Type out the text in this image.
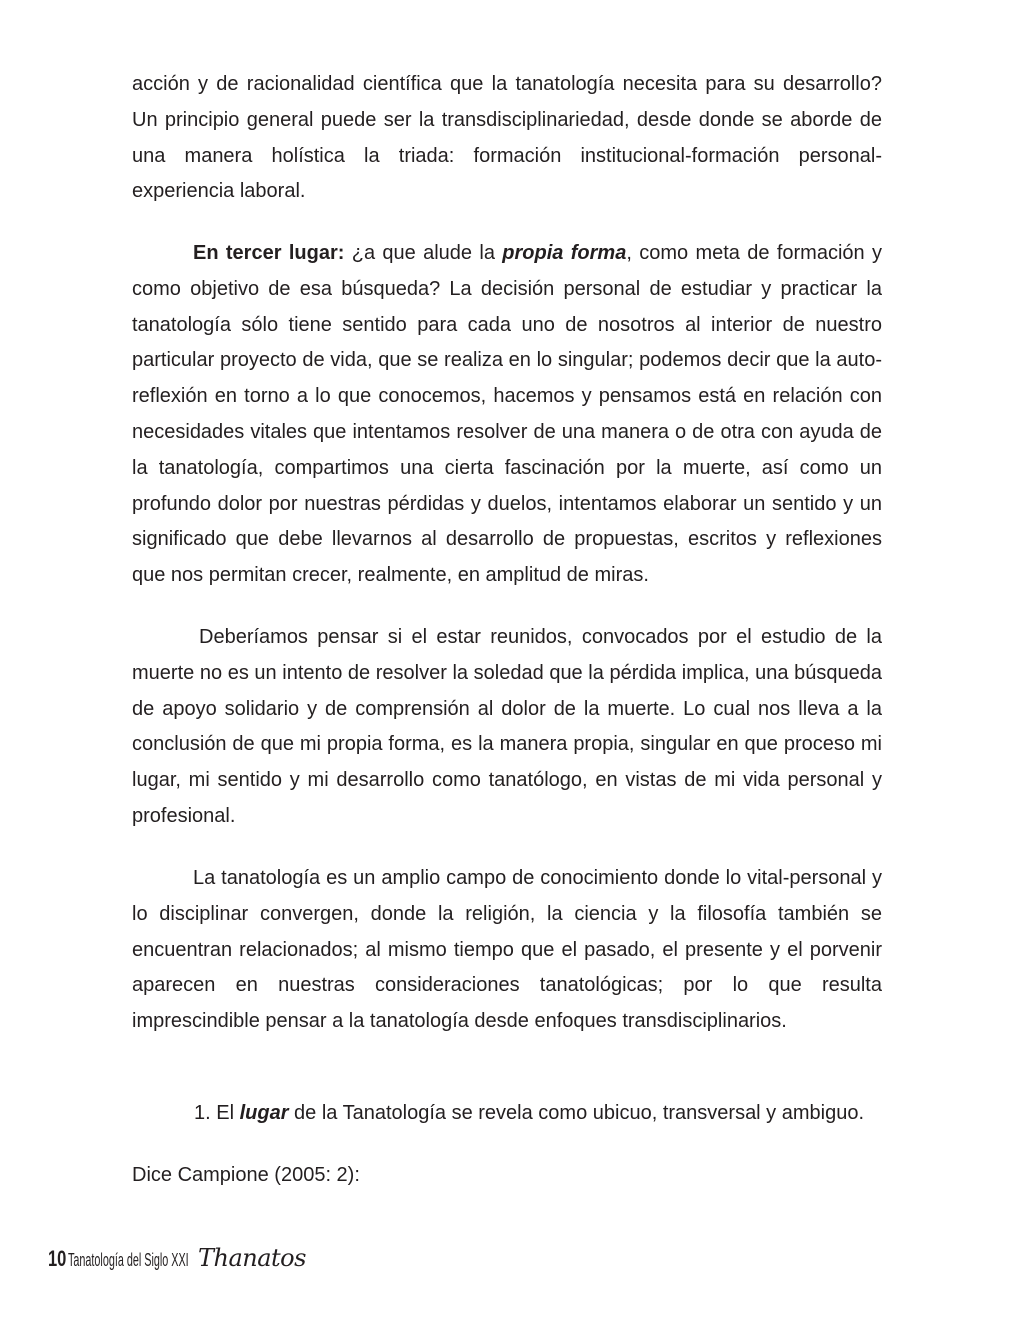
acción y de racionalidad científica que la tanatología necesita para su desarrollo? Un principio general puede ser la transdisciplinariedad, desde donde se aborde de una manera holística la triada: formación institucional-formación personal-experiencia laboral.

En tercer lugar: ¿a que alude la propia forma, como meta de formación y como objetivo de esa búsqueda? La decisión personal de estudiar y practicar la tanatología sólo tiene sentido para cada uno de nosotros al interior de nuestro particular proyecto de vida, que se realiza en lo singular; podemos decir que la auto-reflexión en torno a lo que conocemos, hacemos y pensamos está en relación con necesidades vitales que intentamos resolver de una manera o de otra con ayuda de la tanatología, compartimos una cierta fascinación por la muerte, así como un profundo dolor por nuestras pérdidas y duelos, intentamos elaborar un sentido y un significado que debe llevarnos al desarrollo de propuestas, escritos y reflexiones que nos permitan crecer, realmente, en amplitud de miras.

Deberíamos pensar si el estar reunidos, convocados por el estudio de la muerte no es un intento de resolver la soledad que la pérdida implica, una búsqueda de apoyo solidario y de comprensión al dolor de la muerte. Lo cual nos lleva a la conclusión de que mi propia forma, es la manera propia, singular en que proceso mi lugar, mi sentido y mi desarrollo como tanatólogo, en vistas de mi vida personal y profesional.

La tanatología es un amplio campo de conocimiento donde lo vital-personal y lo disciplinar convergen, donde la religión, la ciencia y la filosofía también se encuentran relacionados; al mismo tiempo que el pasado, el presente y el porvenir aparecen en nuestras consideraciones tanatológicas; por lo que resulta imprescindible pensar a la tanatología desde enfoques transdisciplinarios.

1. El lugar de la Tanatología se revela como ubicuo, transversal y ambiguo.

Dice Campione (2005: 2):

10 Tanatología del Siglo XXI Thanatos
